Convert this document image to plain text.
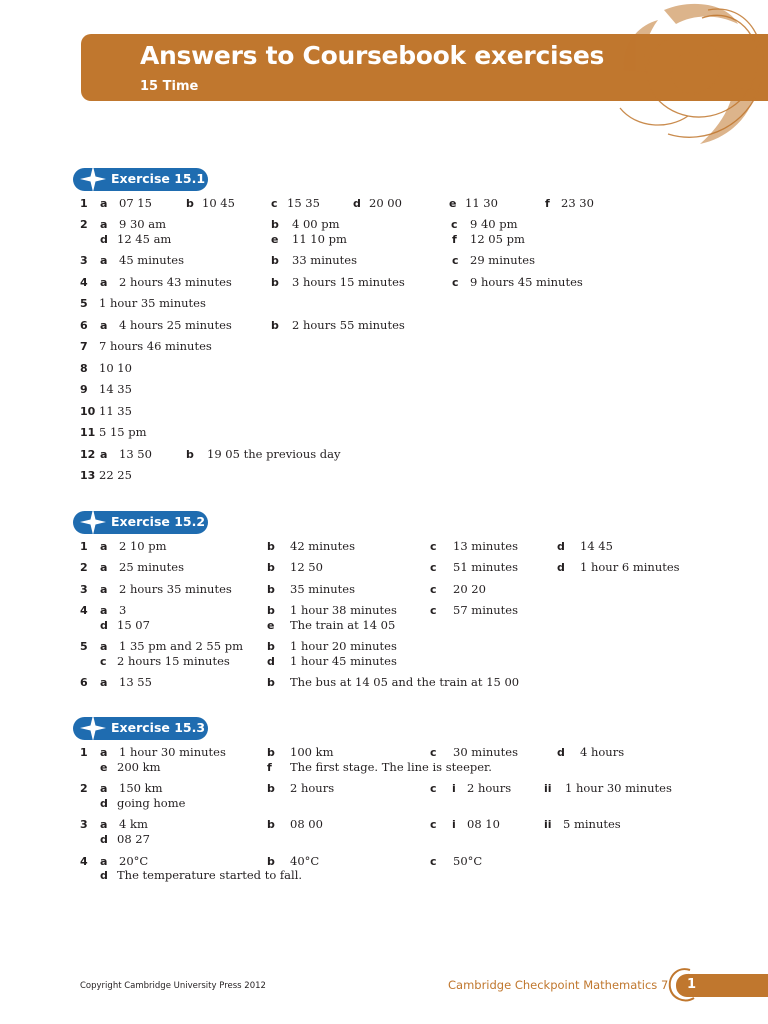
Answers to Coursebook exercises
15 Time
Exercise 15.1
1 a 07 15	b 10 45	c 15 35	d 20 00	e 11 30	f 23 30
2 a 9 30 am	b 4 00 pm	c 9 40 pm
d 12 45 am	e 11 10 pm	f 12 05 pm
3 a 45 minutes	b 33 minutes	c 29 minutes
4 a 2 hours 43 minutes	b 3 hours 15 minutes	c 9 hours 45 minutes
5 1 hour 35 minutes
6 a 4 hours 25 minutes	b 2 hours 55 minutes
7 7 hours 46 minutes
8 10 10
9 14 35
10 11 35
11 5 15 pm
12 a 13 50	b 19 05 the previous day
13 22 25
Exercise 15.2
1 a 2 10 pm	b 42 minutes	c 13 minutes	d 14 45
2 a 25 minutes	b 12 50	c 51 minutes	d 1 hour 6 minutes
3 a 2 hours 35 minutes	b 35 minutes	c 20 20
4 a 3	b 1 hour 38 minutes	c 57 minutes
d 15 07	e The train at 14 05
5 a 1 35 pm and 2 55 pm b 1 hour 20 minutes
c 2 hours 15 minutes	d 1 hour 45 minutes
6 a 13 55	b The bus at 14 05 and the train at 15 00
Exercise 15.3
1 a 1 hour 30 minutes	b 100 km	c 30 minutes	d 4 hours
e 200 km	f The first stage. The line is steeper.
2 a 150 km	b 2 hours	c i 2 hours	ii 1 hour 30 minutes
d going home
3 a 4 km	b 08 00	c i 08 10	ii 5 minutes
d 08 27
4 a 20°C	b 40°C	c 50°C
d The temperature started to fall.
Copyright Cambridge University Press 2012	Cambridge Checkpoint Mathematics 7 1
